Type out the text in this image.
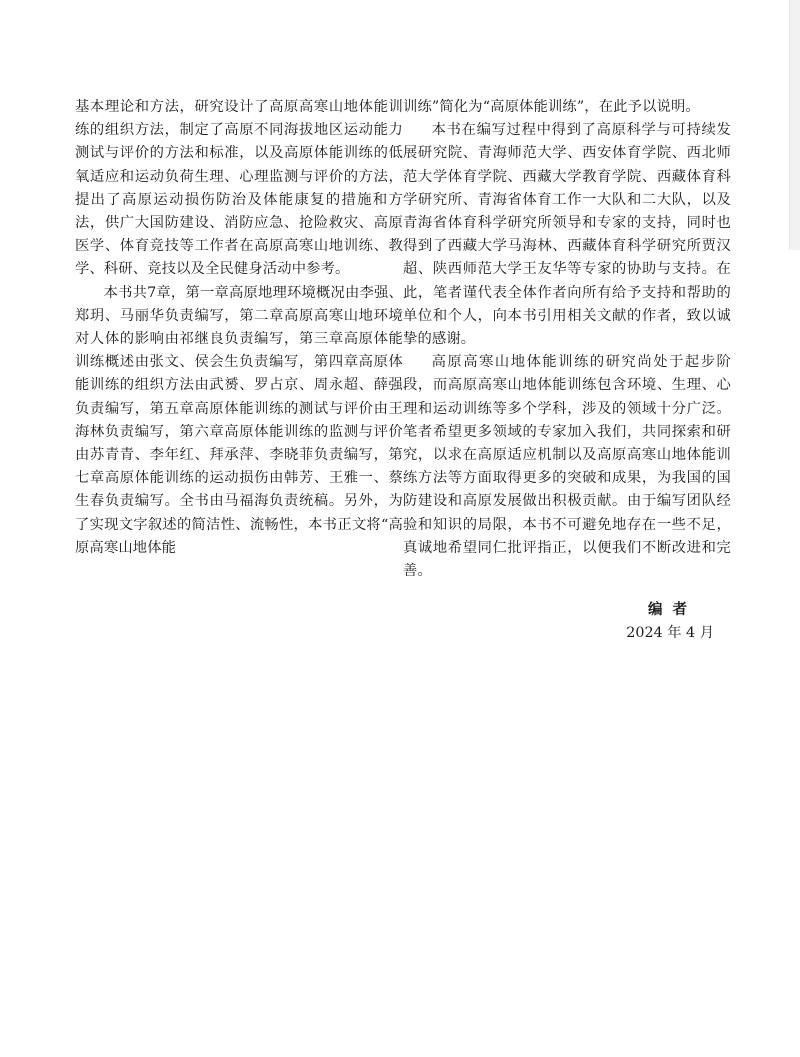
基本理论和方法，研究设计了高原高寒山地体能训练的组织方法，制定了高原不同海拔地区运动能力测试与评价的方法和标准，以及高原体能训练的低氧适应和运动负荷生理、心理监测与评价的方法，提出了高原运动损伤防治及体能康复的措施和方法，供广大国防建设、消防应急、抢险救灾、高原医学、体育竞技等工作者在高原高寒山地训练、教学、科研、竞技以及全民健身活动中参考。

本书共7章，第一章高原地理环境概况由李强、郑玥、马丽华负责编写，第二章高原高寒山地环境对人体的影响由祁继良负责编写，第三章高原体能训练概述由张文、侯会生负责编写，第四章高原体能训练的组织方法由武赟、罗占京、周永超、薛强负责编写，第五章高原体能训练的测试与评价由王海林负责编写，第六章高原体能训练的监测与评价由苏青青、李年红、拜承萍、李晓菲负责编写，第七章高原体能训练的运动损伤由韩芳、王雅一、蔡生春负责编写。全书由马福海负责统稿。另外，为了实现文字叙述的简洁性、流畅性，本书正文将“高原高寒山地体能

训练”简化为“高原体能训练”，在此予以说明。

本书在编写过程中得到了高原科学与可持续发展研究院、青海师范大学、西安体育学院、西北师范大学体育学院、西藏大学教育学院、西藏体育科学研究所、青海省体育工作一大队和二大队，以及青海省体育科学研究所领导和专家的支持，同时也得到了西藏大学马海林、西藏体育科学研究所贾汉超、陕西师范大学王友华等专家的协助与支持。在此，笔者谨代表全体作者向所有给予支持和帮助的单位和个人，向本书引用相关文献的作者，致以诚挚的感谢。

高原高寒山地体能训练的研究尚处于起步阶段，而高原高寒山地体能训练包含环境、生理、心理和运动训练等多个学科，涉及的领域十分广泛。笔者希望更多领域的专家加入我们，共同探索和研究，以求在高原适应机制以及高原高寒山地体能训练方法等方面取得更多的突破和成果，为我国的国防建设和高原发展做出积极贡献。由于编写团队经验和知识的局限，本书不可避免地存在一些不足，真诚地希望同仁批评指正，以便我们不断改进和完善。

编者
2024 年 4 月
